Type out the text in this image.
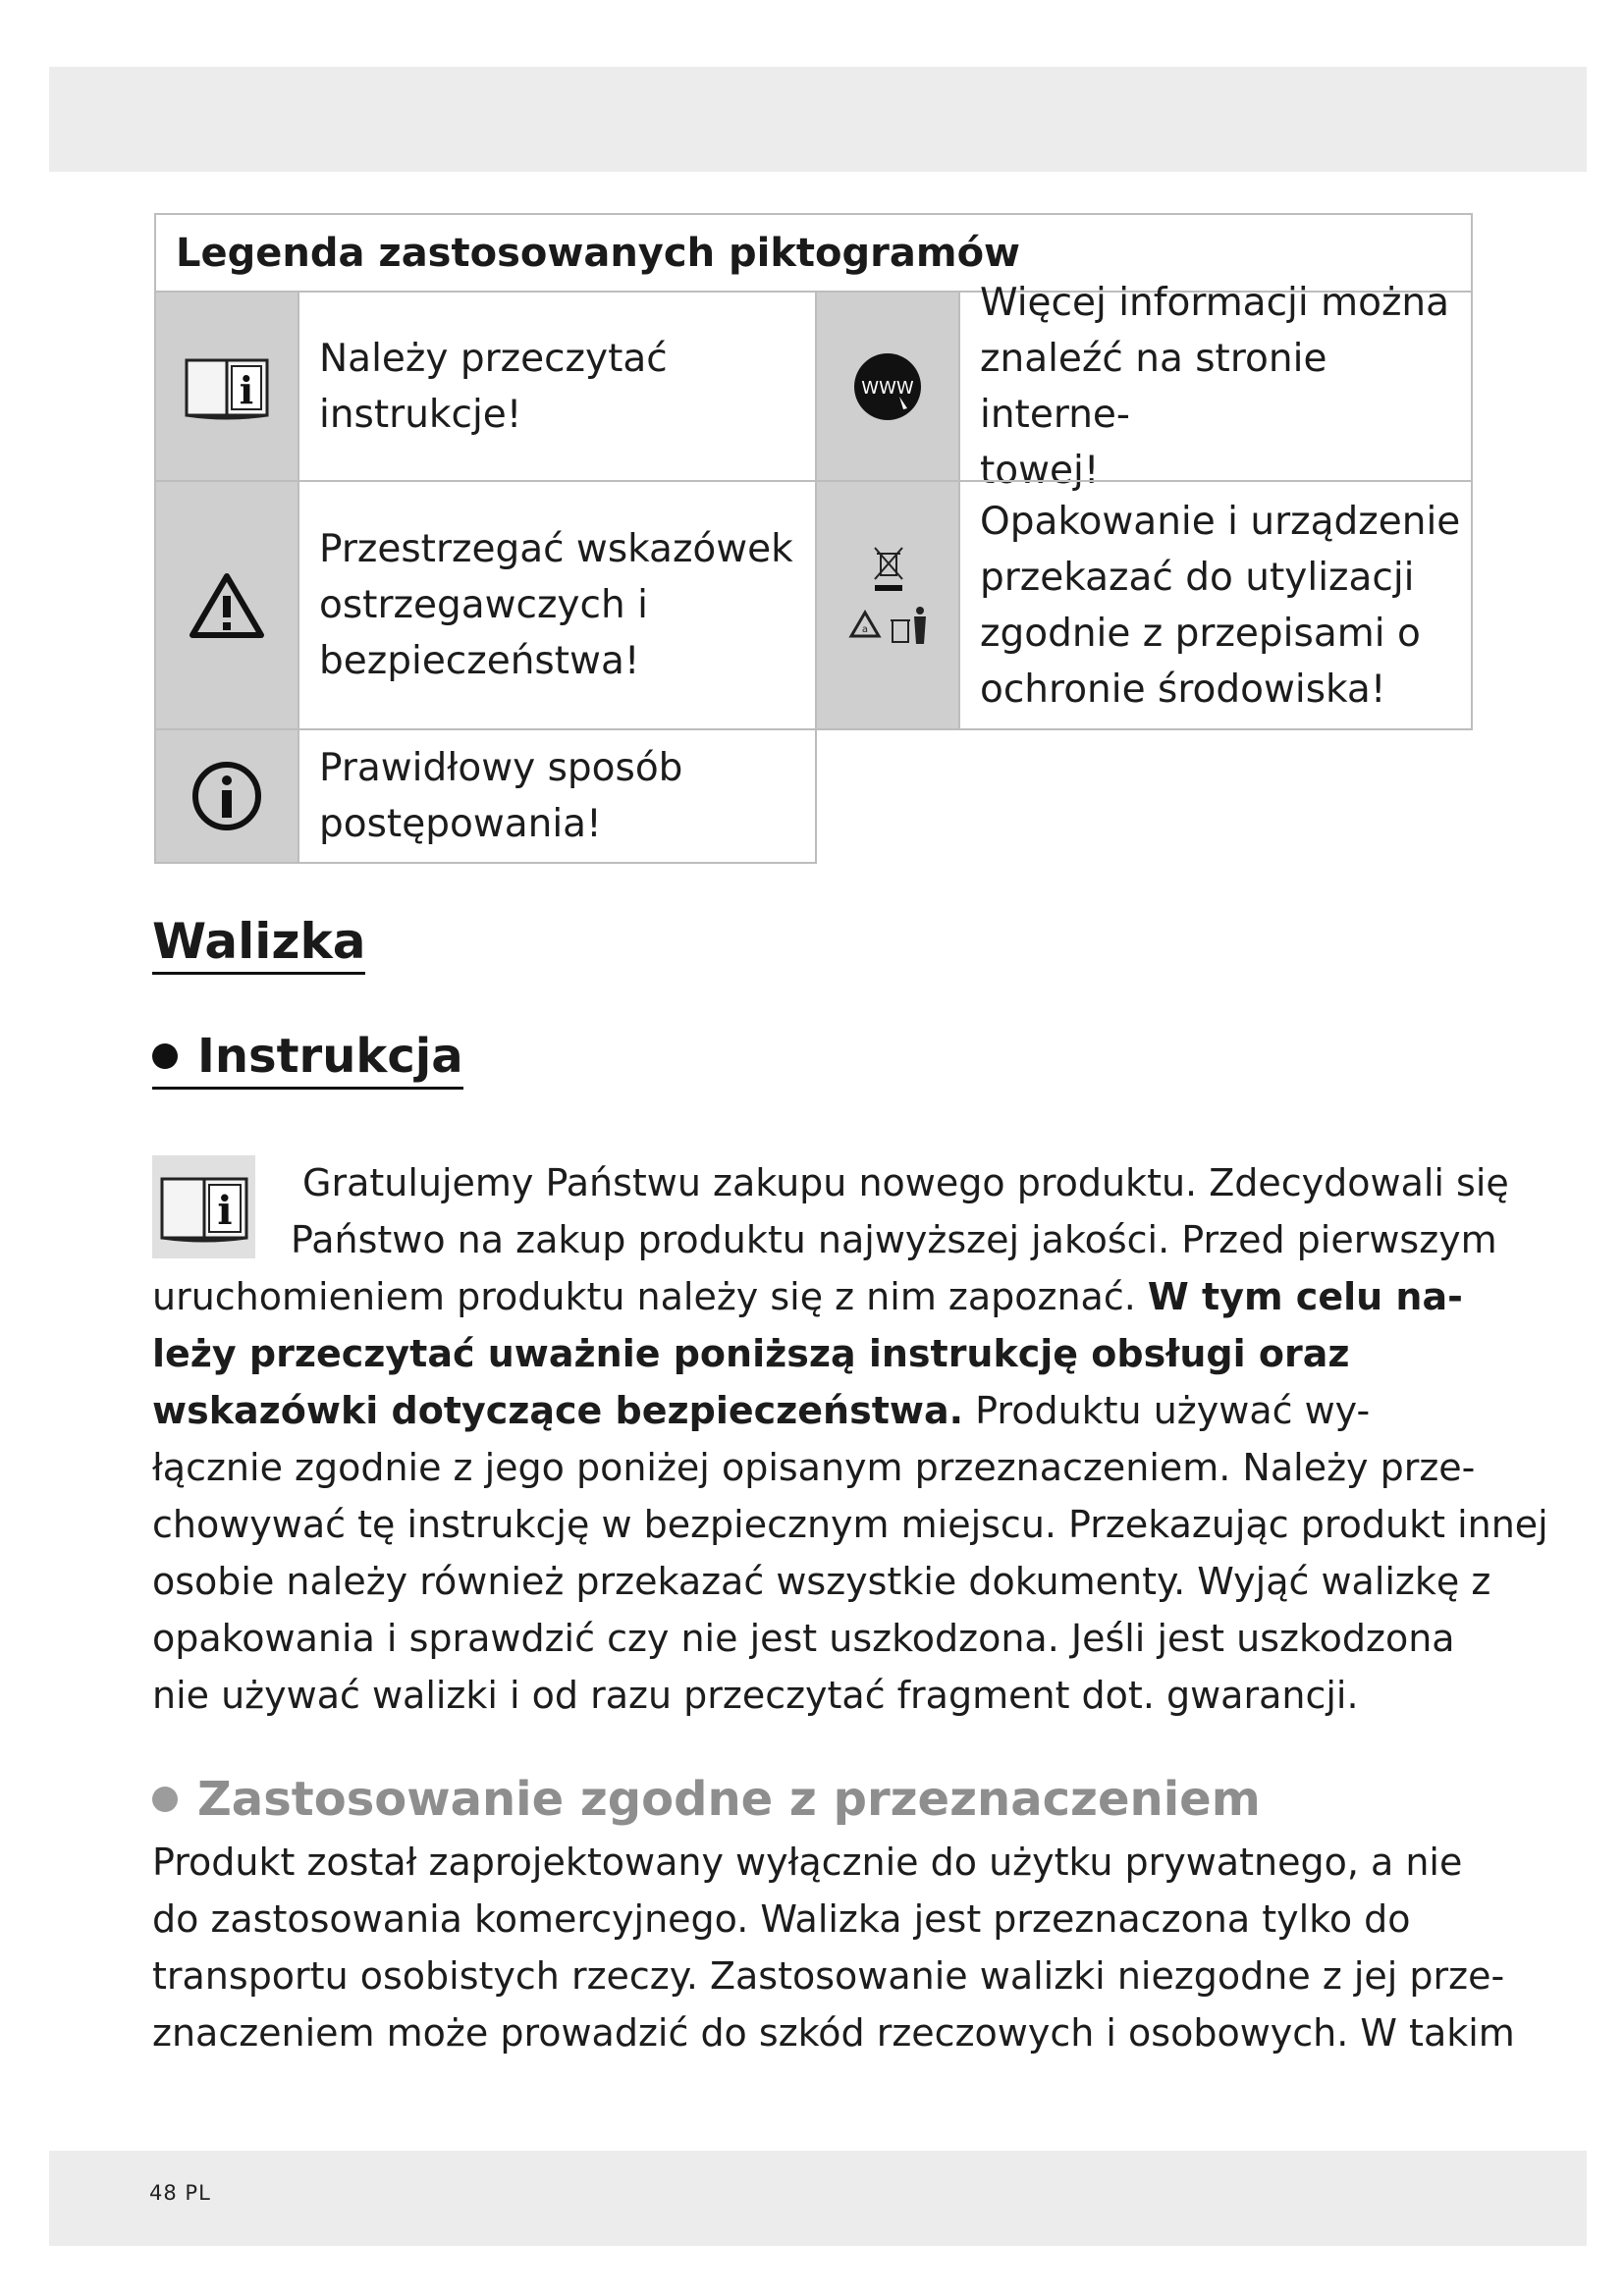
Legenda zastosowanych piktogramów
i
Należy przeczytać
instrukcje!
WWW
Więcej informacji można
znaleźć na stronie interne-
towej!
Przestrzegać wskazówek
ostrzegawczych i
bezpieczeństwa!
a
Opakowanie i urządzenie
przekazać do utylizacji
zgodnie z przepisami o
ochronie środowiska!
Prawidłowy sposób
postępowania!
Walizka
Instrukcja
i
Gratulujemy Państwu zakupu nowego produktu. Zdecydowali się
Państwo na zakup produktu najwyższej jakości. Przed pierwszym
uruchomieniem produktu należy się z nim zapoznać. W tym celu na-
leży przeczytać uważnie poniższą instrukcję obsługi oraz
wskazówki dotyczące bezpieczeństwa. Produktu używać wy-
łącznie zgodnie z jego poniżej opisanym przeznaczeniem. Należy prze-
chowywać tę instrukcję w bezpiecznym miejscu. Przekazując produkt innej
osobie należy również przekazać wszystkie dokumenty. Wyjąć walizkę z
opakowania i sprawdzić czy nie jest uszkodzona. Jeśli jest uszkodzona
nie używać walizki i od razu przeczytać fragment dot. gwarancji.
Zastosowanie zgodne z przeznaczeniem
Produkt został zaprojektowany wyłącznie do użytku prywatnego, a nie
do zastosowania komercyjnego. Walizka jest przeznaczona tylko do
transportu osobistych rzeczy. Zastosowanie walizki niezgodne z jej prze-
znaczeniem może prowadzić do szkód rzeczowych i osobowych. W takim
48 PL
